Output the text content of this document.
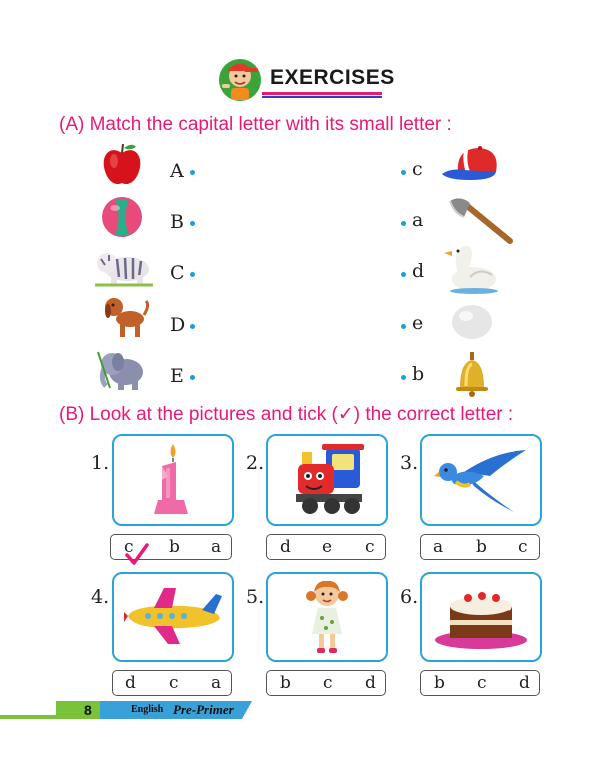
EXERCISES
(A) Match the capital letter with its small letter :
A
B
C
D
E
c
a
d
e
b
(B) Look at the pictures and tick (✓) the correct letter :
1.	2.	3.
4.	5.	6.
c b a	d e c	a b c
d c a	b c d	b c d
8	English Pre-Primer
